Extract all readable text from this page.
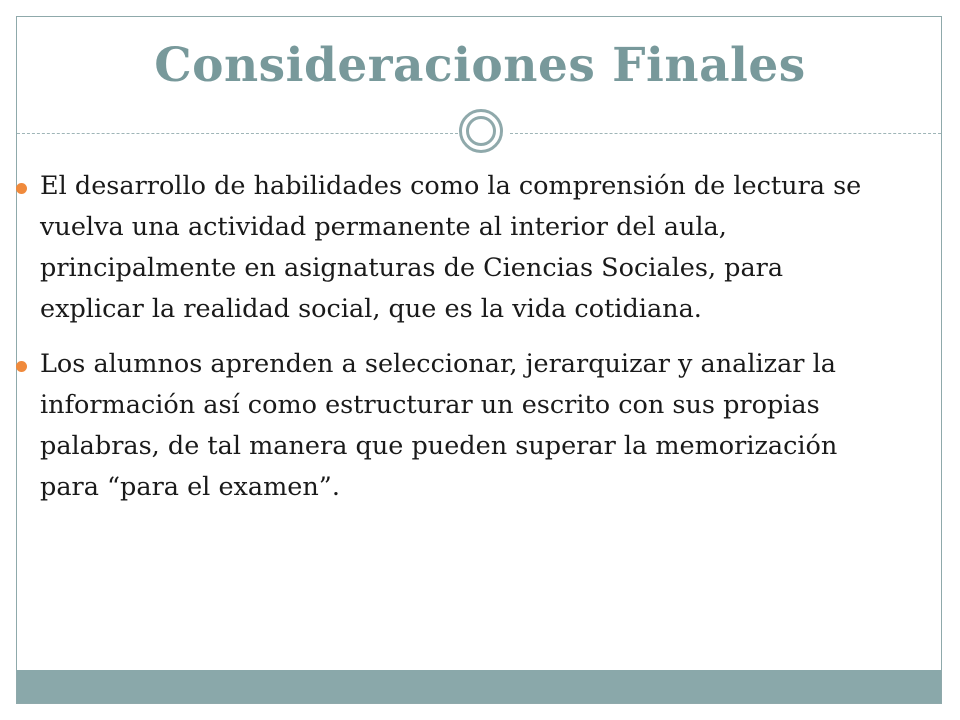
Consideraciones Finales
El desarrollo de habilidades como la comprensión de lectura se vuelva una actividad permanente al interior del aula, principalmente en asignaturas de Ciencias Sociales, para explicar la realidad social, que es la vida cotidiana.
Los alumnos aprenden a seleccionar, jerarquizar y analizar la información así como estructurar un escrito con sus propias palabras, de tal manera que pueden superar la memorización para “para el examen”.
